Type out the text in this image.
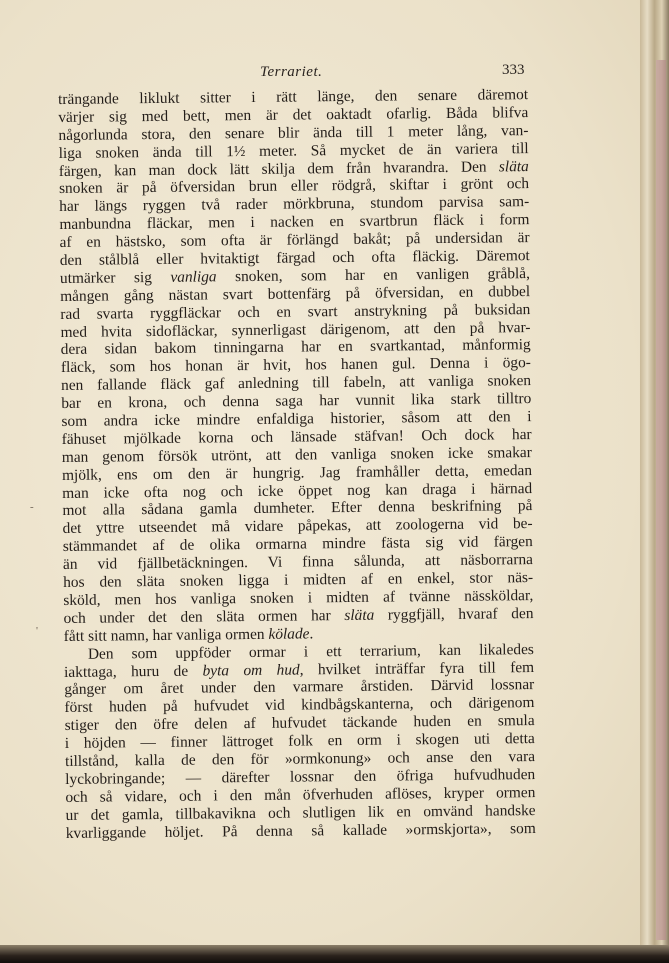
Terrariet.	333
trängande liklukt sitter i rätt länge, den senare däremot
värjer sig med bett, men är det oaktadt ofarlig. Båda blifva
någorlunda stora, den senare blir ända till 1 meter lång, van-
liga snoken ända till 1½ meter. Så mycket de än variera till
färgen, kan man dock lätt skilja dem från hvarandra. Den släta
snoken är på öfversidan brun eller rödgrå, skiftar i grönt och
har längs ryggen två rader mörkbruna, stundom parvisa sam-
manbundna fläckar, men i nacken en svartbrun fläck i form
af en hästsko, som ofta är förlängd bakåt; på undersidan är
den stålblå eller hvitaktigt färgad och ofta fläckig. Däremot
utmärker sig vanliga snoken, som har en vanligen gråblå,
mången gång nästan svart bottenfärg på öfversidan, en dubbel
rad svarta ryggfläckar och en svart anstrykning på buksidan
med hvita sidofläckar, synnerligast därigenom, att den på hvar-
dera sidan bakom tinningarna har en svartkantad, månformig
fläck, som hos honan är hvit, hos hanen gul. Denna i ögo-
nen fallande fläck gaf anledning till fabeln, att vanliga snoken
bar en krona, och denna saga har vunnit lika stark tilltro
som andra icke mindre enfaldiga historier, såsom att den i
fähuset mjölkade korna och länsade stäfvan! Och dock har
man genom försök utrönt, att den vanliga snoken icke smakar
mjölk, ens om den är hungrig. Jag framhåller detta, emedan
man icke ofta nog och icke öppet nog kan draga i härnad
mot alla sådana gamla dumheter. Efter denna beskrifning på
det yttre utseendet må vidare påpekas, att zoologerna vid be-
stämmandet af de olika ormarna mindre fästa sig vid färgen
än vid fjällbetäckningen. Vi finna sålunda, att näsborrarna
hos den släta snoken ligga i midten af en enkel, stor näs-
sköld, men hos vanliga snoken i midten af tvänne nässköldar,
och under det den släta ormen har släta ryggfjäll, hvaraf den
fått sitt namn, har vanliga ormen kölade.
Den som uppföder ormar i ett terrarium, kan likaledes
iakttaga, huru de byta om hud, hvilket inträffar fyra till fem
gånger om året under den varmare årstiden. Därvid lossnar
först huden på hufvudet vid kindbågskanterna, och därigenom
stiger den öfre delen af hufvudet täckande huden en smula
i höjden — finner lättroget folk en orm i skogen uti detta
tillstånd, kalla de den för »ormkonung» och anse den vara
lyckobringande; — därefter lossnar den öfriga hufvudhuden
och så vidare, och i den mån öfverhuden aflöses, kryper ormen
ur det gamla, tillbakavikna och slutligen lik en omvänd handske
kvarliggande höljet. På denna så kallade »ormskjorta», som
-
'
